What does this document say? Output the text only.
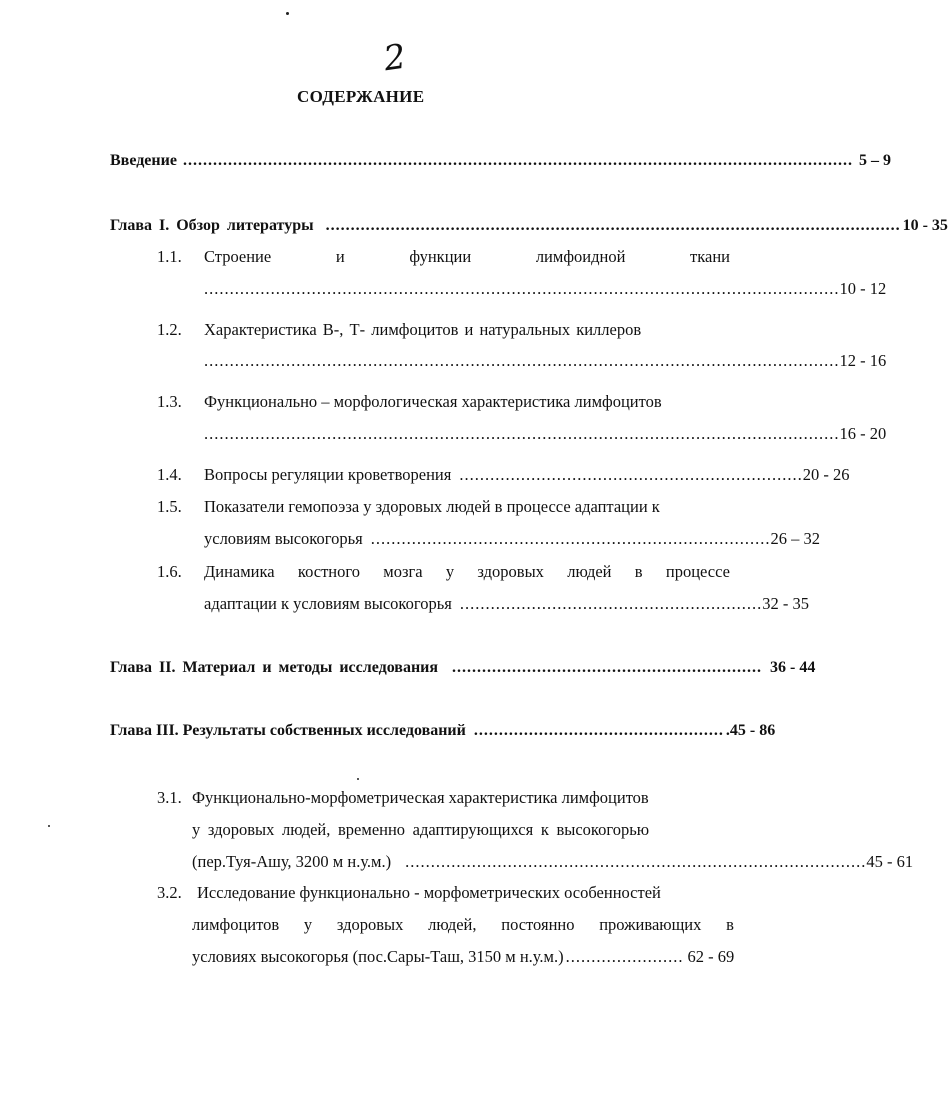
2
СОДЕРЖАНИЕ
Введение ...................................................................................................................................... 5 – 9
Глава I. Обзор литературы ................................................................................................................... 10 - 35
1.1. Строение	и	функции	лимфоидной	ткани
............................................................................................................................ 10 - 12
1.2. Характеристика В-, Т- лимфоцитов и натуральных киллеров
............................................................................................................................ 12 - 16
1.3. Функционально – морфологическая характеристика лимфоцитов
............................................................................................................................ 16 - 20
1.4. Вопросы регуляции кроветворения ................................................................... 20 - 26
1.5. Показатели гемопоэза у здоровых людей в процессе адаптации к
условиям высокогорья .............................................................................. 26 – 32
1.6. Динамика костного мозга у здоровых людей в процессе
адаптации к условиям высокогорья ........................................................... 32 - 35
Глава II. Материал и методы исследования .............................................................. 36 - 44
Глава III. Результаты собственных исследований .................................................. .45 - 86
3.1. Функционально-морфометрическая характеристика лимфоцитов
у здоровых людей, временно адаптирующихся к высокогорью
(пер.Туя-Ашу, 3200 м н.у.м.) .......................................................................................... 45 - 61
3.2. Исследование функционально - морфометрических особенностей
лимфоцитов у здоровых людей, постоянно проживающих в
условиях высокогорья (пос.Сары-Таш, 3150 м н.у.м.) ....................... 62 - 69
